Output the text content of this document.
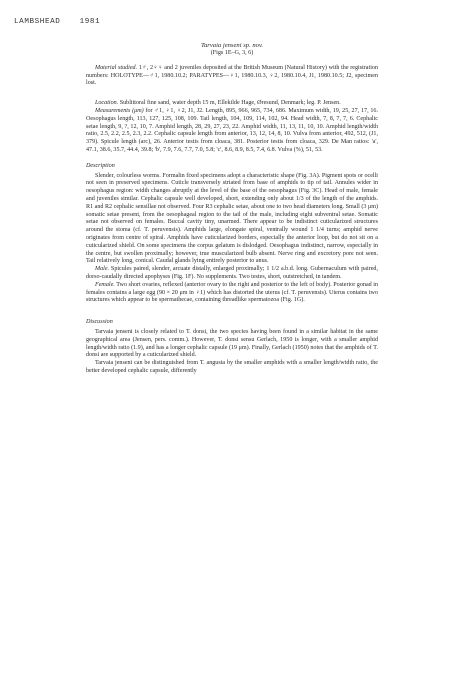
LAMBSHEAD	1981
Tarvaia jenseni sp. nov.
(Figs 1E–G, 3, 6)

Material studied. 1♂, 2♀♀ and 2 juveniles deposited at the British Museum (Natural History) with the registration numbers: HOLOTYPE—♂1, 1980.10.2; PARATYPES—♀1, 1980.10.3, ♀2, 1980.10.4, J1, 1980.10.5; J2, specimen lost.

Location. Sublittoral fine sand, water depth 15 m, Ellekilde Hage, Øresund, Denmark; leg. P. Jensen.

Measurements (μm) for ♂1, ♀1, ♀2, J1, J2. Length, 895, 966, 965, 734, 686. Maximum width, 19, 25, 27, 17, 16. Oesophagus length, 113, 127, 125, 108, 109. Tail length, 104, 109, 114, 102, 94. Head width, 7, 8, 7, 7, 6. Cephalic setae length, 9, ?, 12, 10, 7. Amphid length, 28, 29, 27, 23, 22. Amphid width, 11, 13, 11, 10, 10. Amphid length/width ratio, 2.5, 2.2, 2.5, 2.3, 2.2. Cephalic capsule length from anterior, 13, 12, 14, 8, 10. Vulva from anterior, 492, 512, (J1, 379). Spicule length (arc), 26. Anterior testis from cloaca, 381. Posterior testis from cloaca, 329. De Man ratios: 'a', 47.1, 38.6, 35.7, 44.4, 39.8; 'b', 7.9, 7.6, 7.7, 7.0, 5.8; 'c', 8.6, 8.9, 8.5, 7.4, 6.8. Vulva (%), 51, 53.

Description

Slender, colourless worms. Formalin fixed specimens adopt a characteristic shape (Fig. 3A). Pigment spots or ocelli not seen in preserved specimens. Cuticle transversely striated from base of amphids to tip of tail. Annules wider in oesophagus region: width changes abruptly at the level of the base of the oesophagus (Fig. 3C). Head of male, female and juveniles similar. Cephalic capsule well developed, short, extending only about 1/3 of the length of the amphids. R1 and R2 cephalic sensillae not observed. Four R3 cephalic setae, about one to two head diameters long. Small (3 μm) somatic setae present, from the oesophageal region to the tail of the male, including eight subventral setae. Somatic setae not observed on females. Buccal cavity tiny, unarmed. There appear to be indistinct cuticularized structures around the stoma (cf. T. peruvensis). Amphids large, elongate spiral, ventrally wound 1 1/4 turns; amphid nerve originates from centre of spiral. Amphids have cuticularized borders, especially the anterior loop, but do not sit on a cuticularized shield. On some specimens the corpus gelatum is dislodged. Oesophagus indistinct, narrow, especially in the centre, but swollen proximally; however, true muscularized bulb absent. Nerve ring and excretory pore not seen. Tail relatively long, conical. Caudal glands lying entirely posterior to anus.

Male. Spicules paired, slender, arcuate distally, enlarged proximally; 1 1/2 a.b.d. long. Gubernaculum with paired, dorso-caudally directed apophyses (Fig. 1F). No supplements. Two testes, short, outstretched, in tandem.

Female. Two short ovaries, reflexed (anterior ovary to the right and posterior to the left of body). Posterior gonad in females contains a large egg (90 × 20 μm in ♀1) which has distorted the uterus (cf. T. peruvensis). Uterus contains two structures which appear to be spermathecae, containing threadlike spermatozoa (Fig. 1G).

Discussion

Tarvaia jenseni is closely related to T. donsi, the two species having been found in a similar habitat in the same geographical area (Jensen, pers. comm.). However, T. donsi sensu Gerlach, 1950 is longer, with a smaller amphid length/width ratio (1.9), and has a longer cephalic capsule (19 μm). Finally, Gerlach (1950) notes that the amphids of T. donsi are supported by a cuticularized shield.

Tarvaia jenseni can be distinguished from T. angusta by the smaller amphids with a smaller length/width ratio, the better developed cephalic capsule, differently
